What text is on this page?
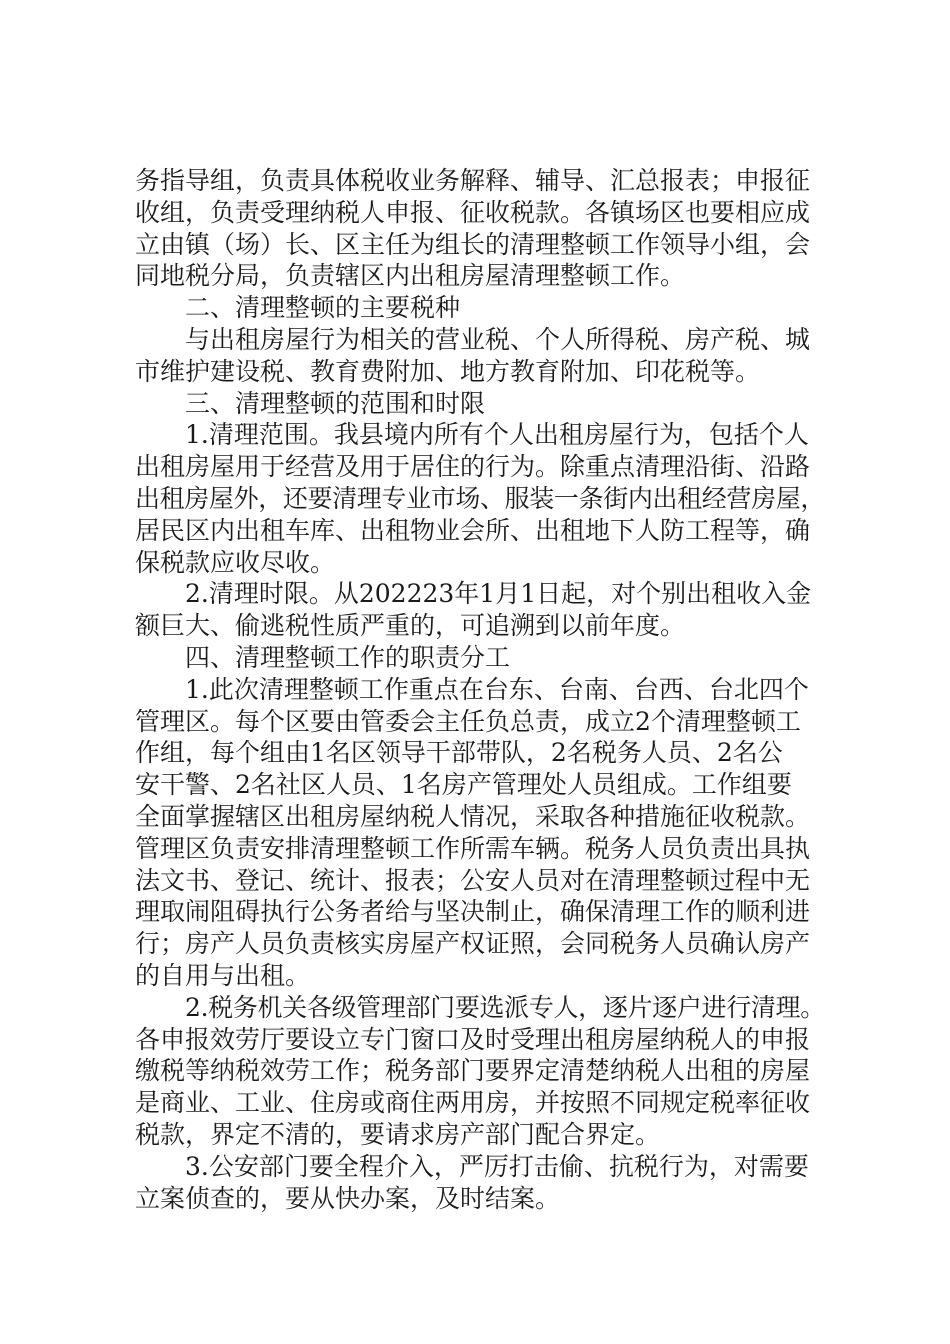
务指导组，负责具体税收业务解释、辅导、汇总报表；申报征
收组，负责受理纳税人申报、征收税款。各镇场区也要相应成
立由镇（场）长、区主任为组长的清理整顿工作领导小组，会
同地税分局，负责辖区内出租房屋清理整顿工作。
二、清理整顿的主要税种
与出租房屋行为相关的营业税、个人所得税、房产税、城
市维护建设税、教育费附加、地方教育附加、印花税等。
三、清理整顿的范围和时限
1.清理范围。我县境内所有个人出租房屋行为，包括个人
出租房屋用于经营及用于居住的行为。除重点清理沿街、沿路
出租房屋外，还要清理专业市场、服装一条街内出租经营房屋，
居民区内出租车库、出租物业会所、出租地下人防工程等，确
保税款应收尽收。
2.清理时限。从202223年1月1日起，对个别出租收入金
额巨大、偷逃税性质严重的，可追溯到以前年度。
四、清理整顿工作的职责分工
1.此次清理整顿工作重点在台东、台南、台西、台北四个
管理区。每个区要由管委会主任负总责，成立2个清理整顿工
作组，每个组由1名区领导干部带队，2名税务人员、2名公
安干警、2名社区人员、1名房产管理处人员组成。工作组要
全面掌握辖区出租房屋纳税人情况，采取各种措施征收税款。
管理区负责安排清理整顿工作所需车辆。税务人员负责出具执
法文书、登记、统计、报表；公安人员对在清理整顿过程中无
理取闹阻碍执行公务者给与坚决制止，确保清理工作的顺利进
行；房产人员负责核实房屋产权证照，会同税务人员确认房产
的自用与出租。
2.税务机关各级管理部门要选派专人，逐片逐户进行清理。
各申报效劳厅要设立专门窗口及时受理出租房屋纳税人的申报
缴税等纳税效劳工作；税务部门要界定清楚纳税人出租的房屋
是商业、工业、住房或商住两用房，并按照不同规定税率征收
税款，界定不清的，要请求房产部门配合界定。
3.公安部门要全程介入，严厉打击偷、抗税行为，对需要
立案侦查的，要从快办案，及时结案。
